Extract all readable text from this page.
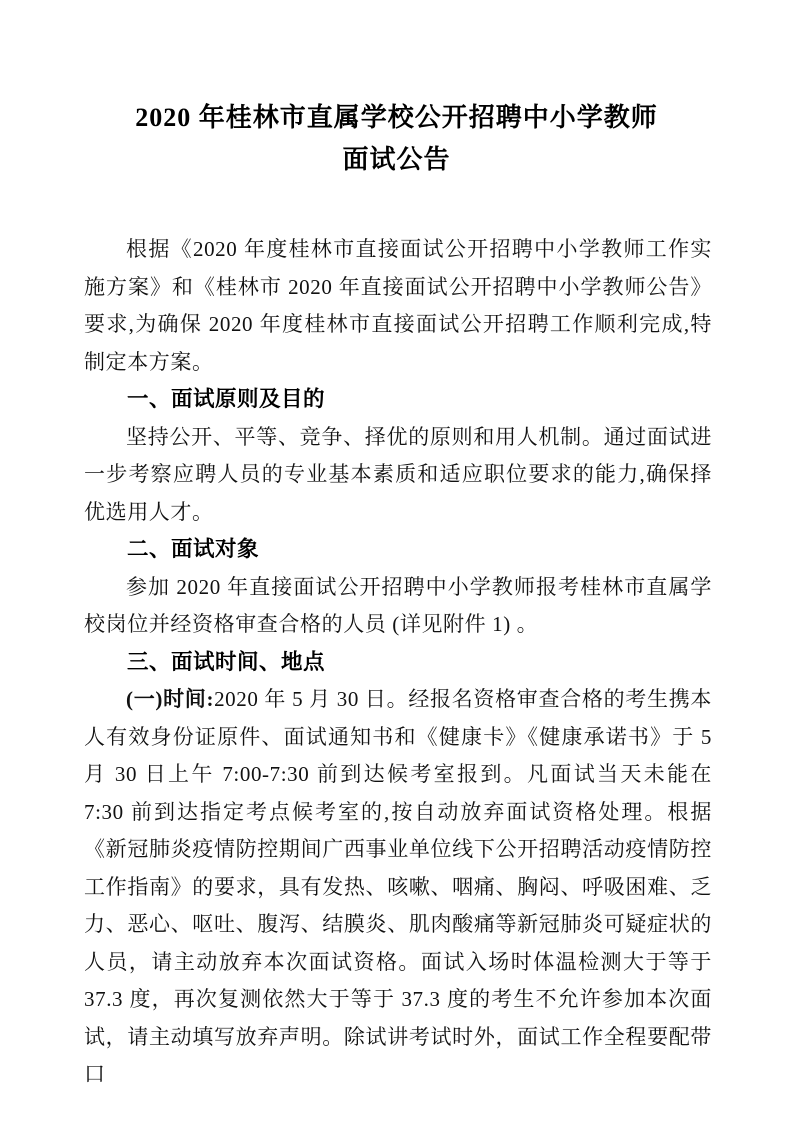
2020 年桂林市直属学校公开招聘中小学教师
面试公告

根据《2020 年度桂林市直接面试公开招聘中小学教师工作实施方案》和《桂林市 2020 年直接面试公开招聘中小学教师公告》要求,为确保 2020 年度桂林市直接面试公开招聘工作顺利完成,特制定本方案。

一、面试原则及目的

坚持公开、平等、竞争、择优的原则和用人机制。通过面试进一步考察应聘人员的专业基本素质和适应职位要求的能力,确保择优选用人才。

二、面试对象

参加 2020 年直接面试公开招聘中小学教师报考桂林市直属学校岗位并经资格审查合格的人员 (详见附件 1) 。

三、面试时间、地点

(一)时间:2020 年 5 月 30 日。经报名资格审查合格的考生携本人有效身份证原件、面试通知书和《健康卡》《健康承诺书》于 5 月 30 日上午 7:00-7:30 前到达候考室报到。凡面试当天未能在 7:30 前到达指定考点候考室的,按自动放弃面试资格处理。根据《新冠肺炎疫情防控期间广西事业单位线下公开招聘活动疫情防控工作指南》的要求，具有发热、咳嗽、咽痛、胸闷、呼吸困难、乏力、恶心、呕吐、腹泻、结膜炎、肌肉酸痛等新冠肺炎可疑症状的人员，请主动放弃本次面试资格。面试入场时体温检测大于等于 37.3 度，再次复测依然大于等于 37.3 度的考生不允许参加本次面试，请主动填写放弃声明。除试讲考试时外，面试工作全程要配带口
